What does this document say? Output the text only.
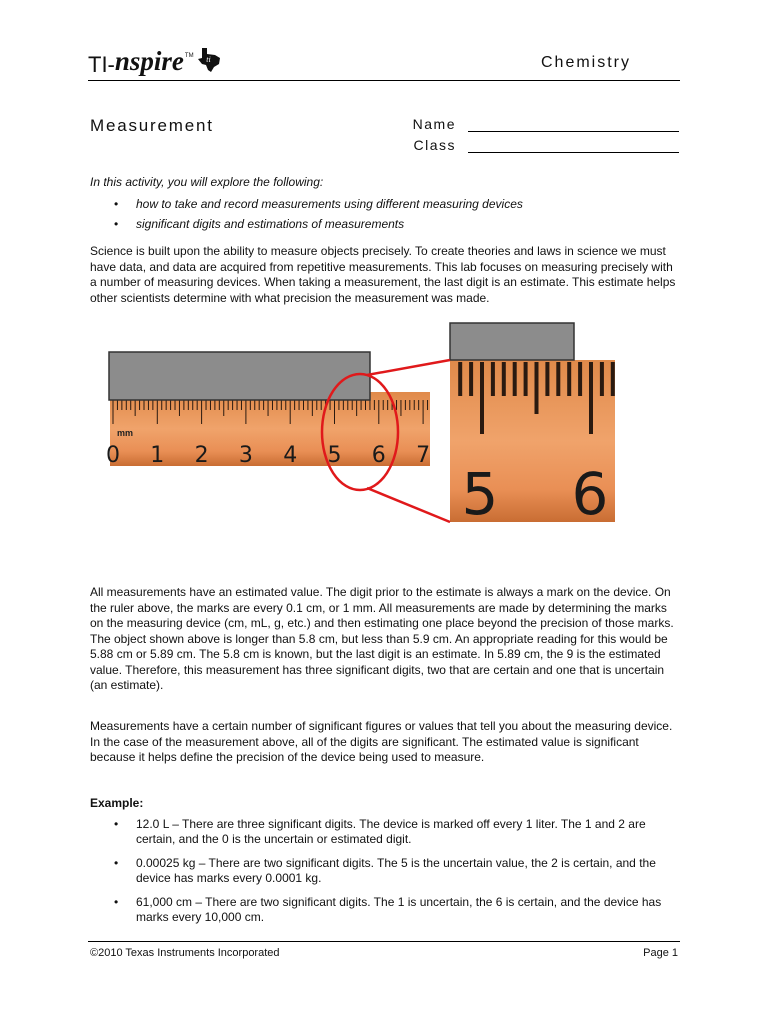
TI- nspire TM ti	Chemistry
Measurement	Name
Class
In this activity, you will explore the following:
• how to take and record measurements using different measuring devices
• significant digits and estimations of measurements
Science is built upon the ability to measure objects precisely. To create theories and laws in science we must have data, and data are acquired from repetitive measurements. This lab focuses on measuring precisely with a number of measuring devices. When taking a measurement, the last digit is an estimate. This estimate helps other scientists determine with what precision the measurement was made.
mm
0 1 2 3 4 5 6 7
5 6
All measurements have an estimated value. The digit prior to the estimate is always a mark on the device. On the ruler above, the marks are every 0.1 cm, or 1 mm. All measurements are made by determining the marks on the measuring device (cm, mL, g, etc.) and then estimating one place beyond the precision of those marks. The object shown above is longer than 5.8 cm, but less than 5.9 cm. An appropriate reading for this would be 5.88 cm or 5.89 cm. The 5.8 cm is known, but the last digit is an estimate. In 5.89 cm, the 9 is the estimated value. Therefore, this measurement has three significant digits, two that are certain and one that is uncertain (an estimate).
Measurements have a certain number of significant figures or values that tell you about the measuring device. In the case of the measurement above, all of the digits are significant. The estimated value is significant because it helps define the precision of the device being used to measure.
Example:
• 12.0 L – There are three significant digits. The device is marked off every 1 liter. The 1 and 2 are certain, and the 0 is the uncertain or estimated digit.
• 0.00025 kg – There are two significant digits. The 5 is the uncertain value, the 2 is certain, and the device has marks every 0.0001 kg.
• 61,000 cm – There are two significant digits. The 1 is uncertain, the 6 is certain, and the device has marks every 10,000 cm.
©2010 Texas Instruments Incorporated	Page 1
